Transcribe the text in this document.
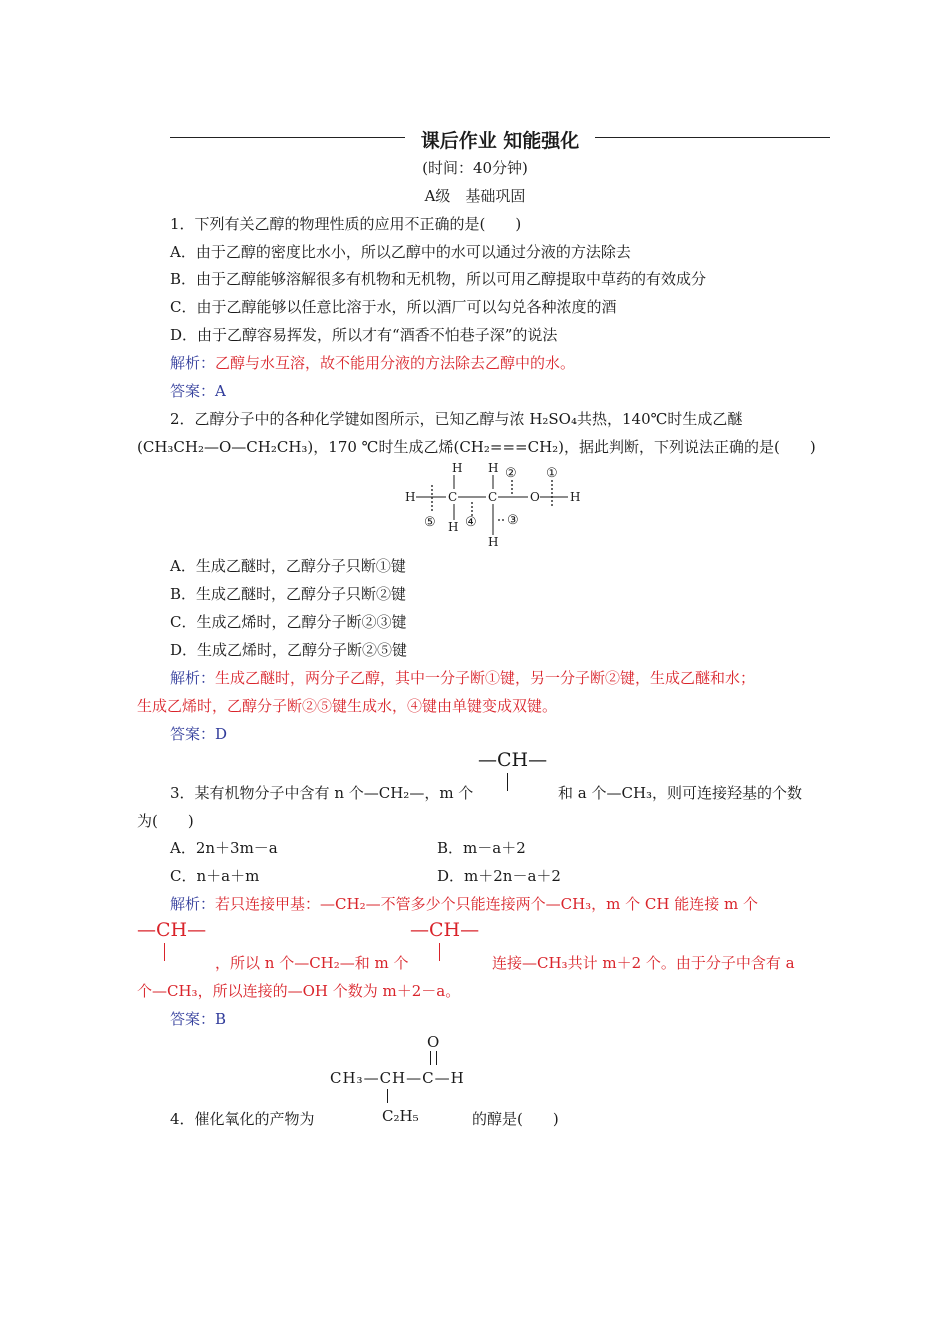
课后作业 知能强化
(时间：40分钟)
A级　基础巩固
1．下列有关乙醇的物理性质的应用不正确的是(　　)
A．由于乙醇的密度比水小，所以乙醇中的水可以通过分液的方法除去
B．由于乙醇能够溶解很多有机物和无机物，所以可用乙醇提取中草药的有效成分
C．由于乙醇能够以任意比溶于水，所以酒厂可以勾兑各种浓度的酒
D．由于乙醇容易挥发，所以才有“酒香不怕巷子深”的说法
解析：乙醇与水互溶，故不能用分液的方法除去乙醇中的水。
答案：A
2．乙醇分子中的各种化学键如图所示，已知乙醇与浓 H₂SO₄共热，140℃时生成乙醚
(CH₃CH₂—O—CH₂CH₃)，170 ℃时生成乙烯(CH₂===CH₂)，据此判断，下列说法正确的是(　　)
H H
H
H
H
C	C	O	H
①
②
③
④
⑤
A．生成乙醚时，乙醇分子只断①键
B．生成乙醚时，乙醇分子只断②键
C．生成乙烯时，乙醇分子断②③键
D．生成乙烯时，乙醇分子断②⑤键
解析：生成乙醚时，两分子乙醇，其中一分子断①键，另一分子断②键，生成乙醚和水；
生成乙烯时，乙醇分子断②⑤键生成水，④键由单键变成双键。
答案：D
—CH—
3．某有机物分子中含有 n 个—CH₂—，m 个	和 a 个—CH₃，则可连接羟基的个数
为(　　)
A．2n＋3m－a	B．m－a＋2
C．n＋a＋m	D．m＋2n－a＋2
解析：若只连接甲基：—CH₂—不管多少个只能连接两个—CH₃，m 个 CH 能连接 m 个
—CH—	—CH—
，所以 n 个—CH₂—和 m 个	连接—CH₃共计 m＋2 个。由于分子中含有 a
个—CH₃，所以连接的—OH 个数为 m＋2－a。
答案：B
O
CH₃—CH—C—H
C₂H₅
4．催化氧化的产物为	的醇是(　　)
